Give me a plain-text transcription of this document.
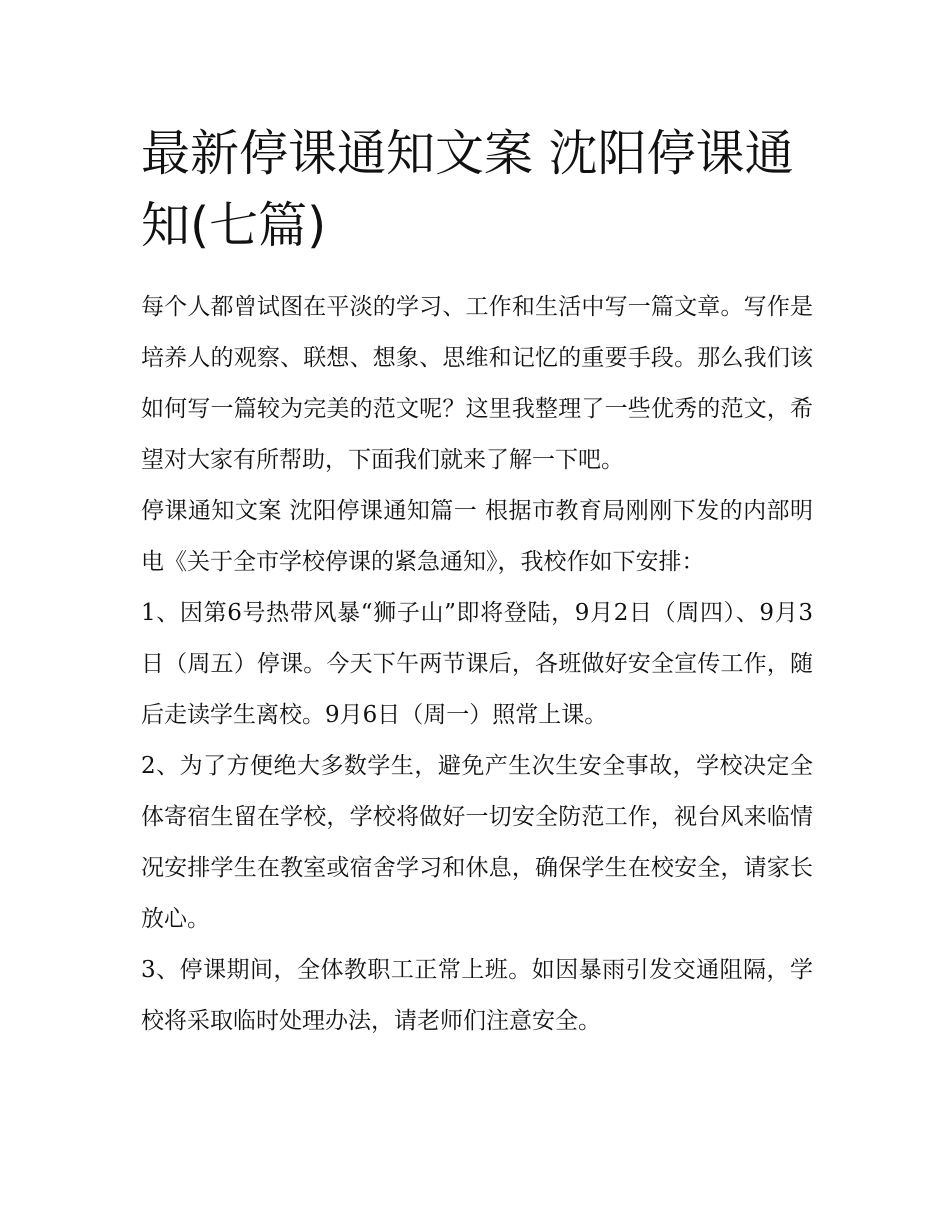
最新停课通知文案 沈阳停课通知(七篇)

每个人都曾试图在平淡的学习、工作和生活中写一篇文章。写作是培养人的观察、联想、想象、思维和记忆的重要手段。那么我们该如何写一篇较为完美的范文呢？这里我整理了一些优秀的范文，希望对大家有所帮助，下面我们就来了解一下吧。

停课通知文案 沈阳停课通知篇一 根据市教育局刚刚下发的内部明电《关于全市学校停课的紧急通知》，我校作如下安排：

1、因第6号热带风暴“狮子山”即将登陆，9月2日（周四）、9月3日（周五）停课。今天下午两节课后，各班做好安全宣传工作，随后走读学生离校。9月6日（周一）照常上课。

2、为了方便绝大多数学生，避免产生次生安全事故，学校决定全体寄宿生留在学校，学校将做好一切安全防范工作，视台风来临情况安排学生在教室或宿舍学习和休息，确保学生在校安全，请家长放心。

3、停课期间，全体教职工正常上班。如因暴雨引发交通阻隔，学校将采取临时处理办法，请老师们注意安全。
